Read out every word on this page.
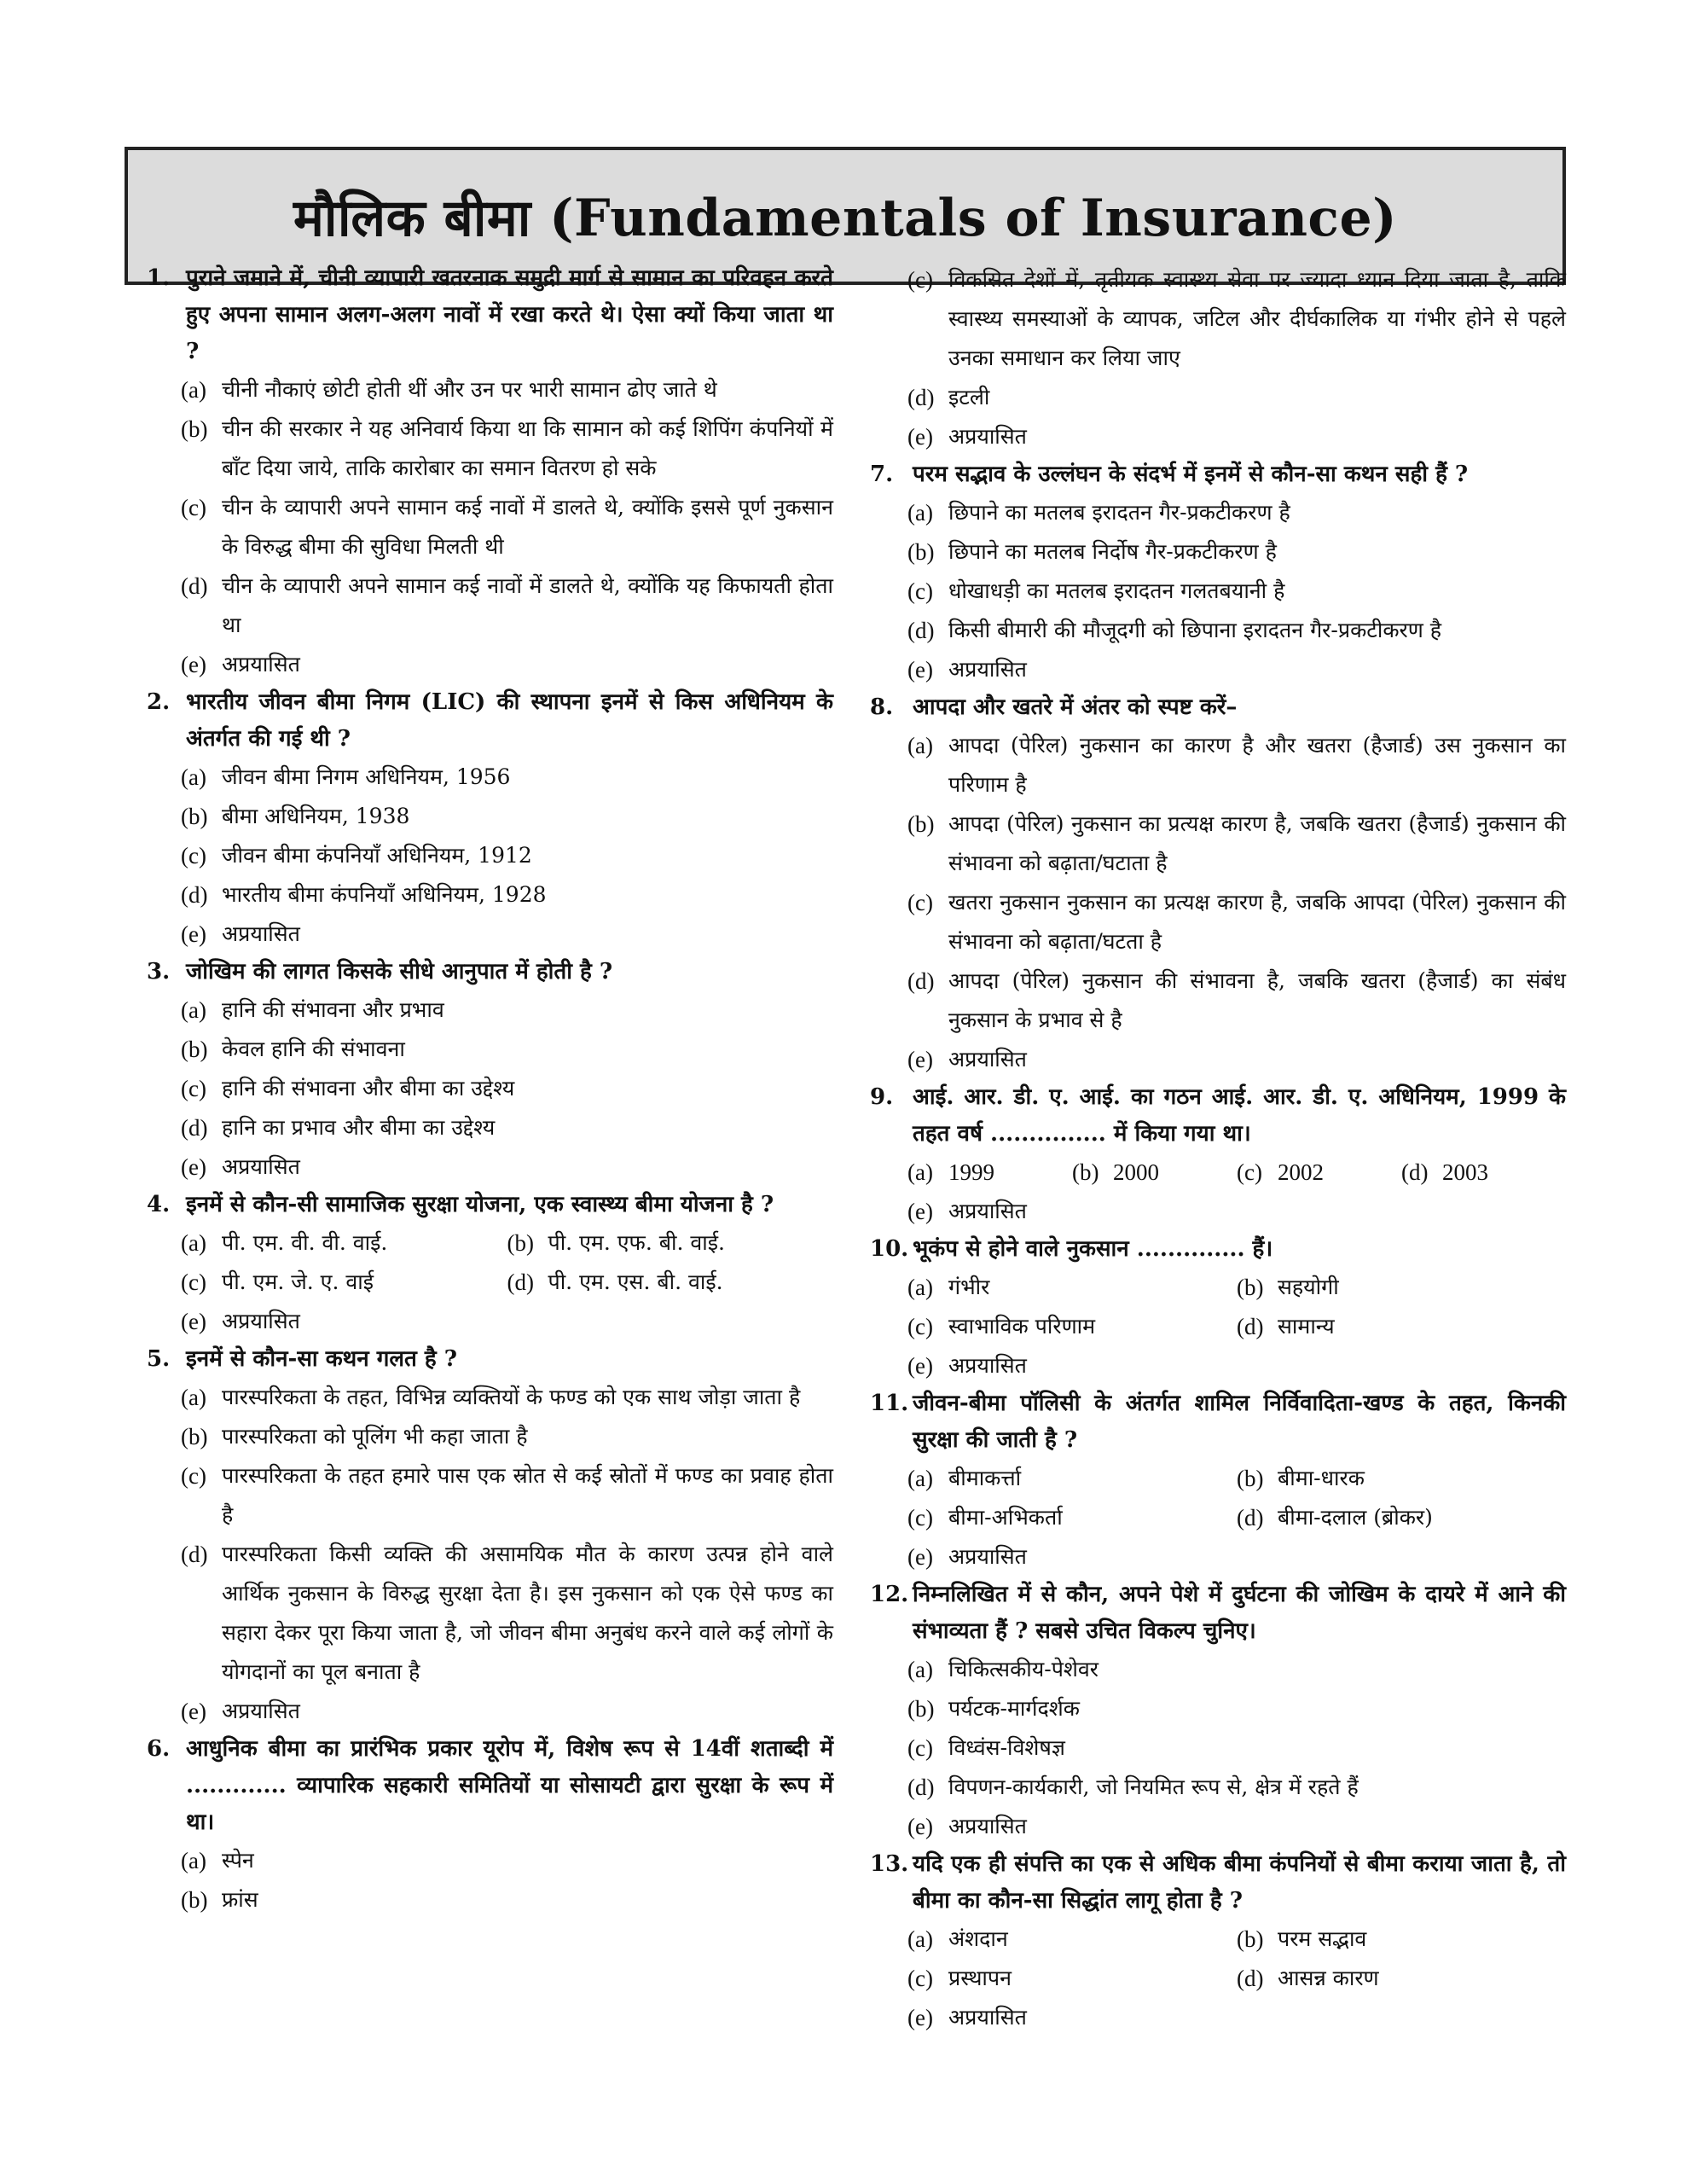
मौलिक बीमा (Fundamentals of Insurance)
1. पुराने जमाने में, चीनी व्यापारी खतरनाक समुद्री मार्ग से सामान का परिवहन करते हुए अपना सामान अलग-अलग नावों में रखा करते थे। ऐसा क्यों किया जाता था ?
(a) चीनी नौकाएं छोटी होती थीं और उन पर भारी सामान ढोए जाते थे
(b) चीन की सरकार ने यह अनिवार्य किया था कि सामान को कई शिपिंग कंपनियों में बाँट दिया जाये, ताकि कारोबार का समान वितरण हो सके
(c) चीन के व्यापारी अपने सामान कई नावों में डालते थे, क्योंकि इससे पूर्ण नुकसान के विरुद्ध बीमा की सुविधा मिलती थी
(d) चीन के व्यापारी अपने सामान कई नावों में डालते थे, क्योंकि यह किफायती होता था
(e) अप्रयासित
2. भारतीय जीवन बीमा निगम (LIC) की स्थापना इनमें से किस अधिनियम के अंतर्गत की गई थी ?
(a) जीवन बीमा निगम अधिनियम, 1956
(b) बीमा अधिनियम, 1938
(c) जीवन बीमा कंपनियाँ अधिनियम, 1912
(d) भारतीय बीमा कंपनियाँ अधिनियम, 1928
(e) अप्रयासित
3. जोखिम की लागत किसके सीधे आनुपात में होती है ?
(a) हानि की संभावना और प्रभाव
(b) केवल हानि की संभावना
(c) हानि की संभावना और बीमा का उद्देश्य
(d) हानि का प्रभाव और बीमा का उद्देश्य
(e) अप्रयासित
4. इनमें से कौन-सी सामाजिक सुरक्षा योजना, एक स्वास्थ्य बीमा योजना है ?
(a) पी. एम. वी. वी. वाई.	(b) पी. एम. एफ. बी. वाई.
(c) पी. एम. जे. ए. वाई	(d) पी. एम. एस. बी. वाई.
(e) अप्रयासित
5. इनमें से कौन-सा कथन गलत है ?
(a) पारस्परिकता के तहत, विभिन्न व्यक्तियों के फण्ड को एक साथ जोड़ा जाता है
(b) पारस्परिकता को पूलिंग भी कहा जाता है
(c) पारस्परिकता के तहत हमारे पास एक स्रोत से कई स्रोतों में फण्ड का प्रवाह होता है
(d) पारस्परिकता किसी व्यक्ति की असामयिक मौत के कारण उत्पन्न होने वाले आर्थिक नुकसान के विरुद्ध सुरक्षा देता है। इस नुकसान को एक ऐसे फण्ड का सहारा देकर पूरा किया जाता है, जो जीवन बीमा अनुबंध करने वाले कई लोगों के योगदानों का पूल बनाता है
(e) अप्रयासित
6. आधुनिक बीमा का प्रारंभिक प्रकार यूरोप में, विशेष रूप से 14वीं शताब्दी में ............. व्यापारिक सहकारी समितियों या सोसायटी द्वारा सुरक्षा के रूप में था।
(a) स्पेन
(b) फ्रांस
(c) विकसित देशों में, तृतीयक स्वास्थ्य सेवा पर ज्यादा ध्यान दिया जाता है, ताकि स्वास्थ्य समस्याओं के व्यापक, जटिल और दीर्घकालिक या गंभीर होने से पहले उनका समाधान कर लिया जाए
(d) इटली
(e) अप्रयासित
7. परम सद्भाव के उल्लंघन के संदर्भ में इनमें से कौन-सा कथन सही हैं ?
(a) छिपाने का मतलब इरादतन गैर-प्रकटीकरण है
(b) छिपाने का मतलब निर्दोष गैर-प्रकटीकरण है
(c) धोखाधड़ी का मतलब इरादतन गलतबयानी है
(d) किसी बीमारी की मौजूदगी को छिपाना इरादतन गैर-प्रकटीकरण है
(e) अप्रयासित
8. आपदा और खतरे में अंतर को स्पष्ट करें–
(a) आपदा (पेरिल) नुकसान का कारण है और खतरा (हैजार्ड) उस नुकसान का परिणाम है
(b) आपदा (पेरिल) नुकसान का प्रत्यक्ष कारण है, जबकि खतरा (हैजार्ड) नुकसान की संभावना को बढ़ाता/घटाता है
(c) खतरा नुकसान नुकसान का प्रत्यक्ष कारण है, जबकि आपदा (पेरिल) नुकसान की संभावना को बढ़ाता/घटता है
(d) आपदा (पेरिल) नुकसान की संभावना है, जबकि खतरा (हैजार्ड) का संबंध नुकसान के प्रभाव से है
(e) अप्रयासित
9. आई. आर. डी. ए. आई. का गठन आई. आर. डी. ए. अधिनियम, 1999 के तहत वर्ष ............... में किया गया था।
(a) 1999	(b) 2000	(c) 2002	(d) 2003
(e) अप्रयासित
10. भूकंप से होने वाले नुकसान .............. हैं।
(a) गंभीर	(b) सहयोगी
(c) स्वाभाविक परिणाम	(d) सामान्य
(e) अप्रयासित
11. जीवन-बीमा पॉलिसी के अंतर्गत शामिल निर्विवादिता-खण्ड के तहत, किनकी सुरक्षा की जाती है ?
(a) बीमाकर्त्ता	(b) बीमा-धारक
(c) बीमा-अभिकर्ता	(d) बीमा-दलाल (ब्रोकर)
(e) अप्रयासित
12. निम्नलिखित में से कौन, अपने पेशे में दुर्घटना की जोखिम के दायरे में आने की संभाव्यता हैं ? सबसे उचित विकल्प चुनिए।
(a) चिकित्सकीय-पेशेवर
(b) पर्यटक-मार्गदर्शक
(c) विध्वंस-विशेषज्ञ
(d) विपणन-कार्यकारी, जो नियमित रूप से, क्षेत्र में रहते हैं
(e) अप्रयासित
13. यदि एक ही संपत्ति का एक से अधिक बीमा कंपनियों से बीमा कराया जाता है, तो बीमा का कौन-सा सिद्धांत लागू होता है ?
(a) अंशदान	(b) परम सद्भाव
(c) प्रस्थापन	(d) आसन्न कारण
(e) अप्रयासित
